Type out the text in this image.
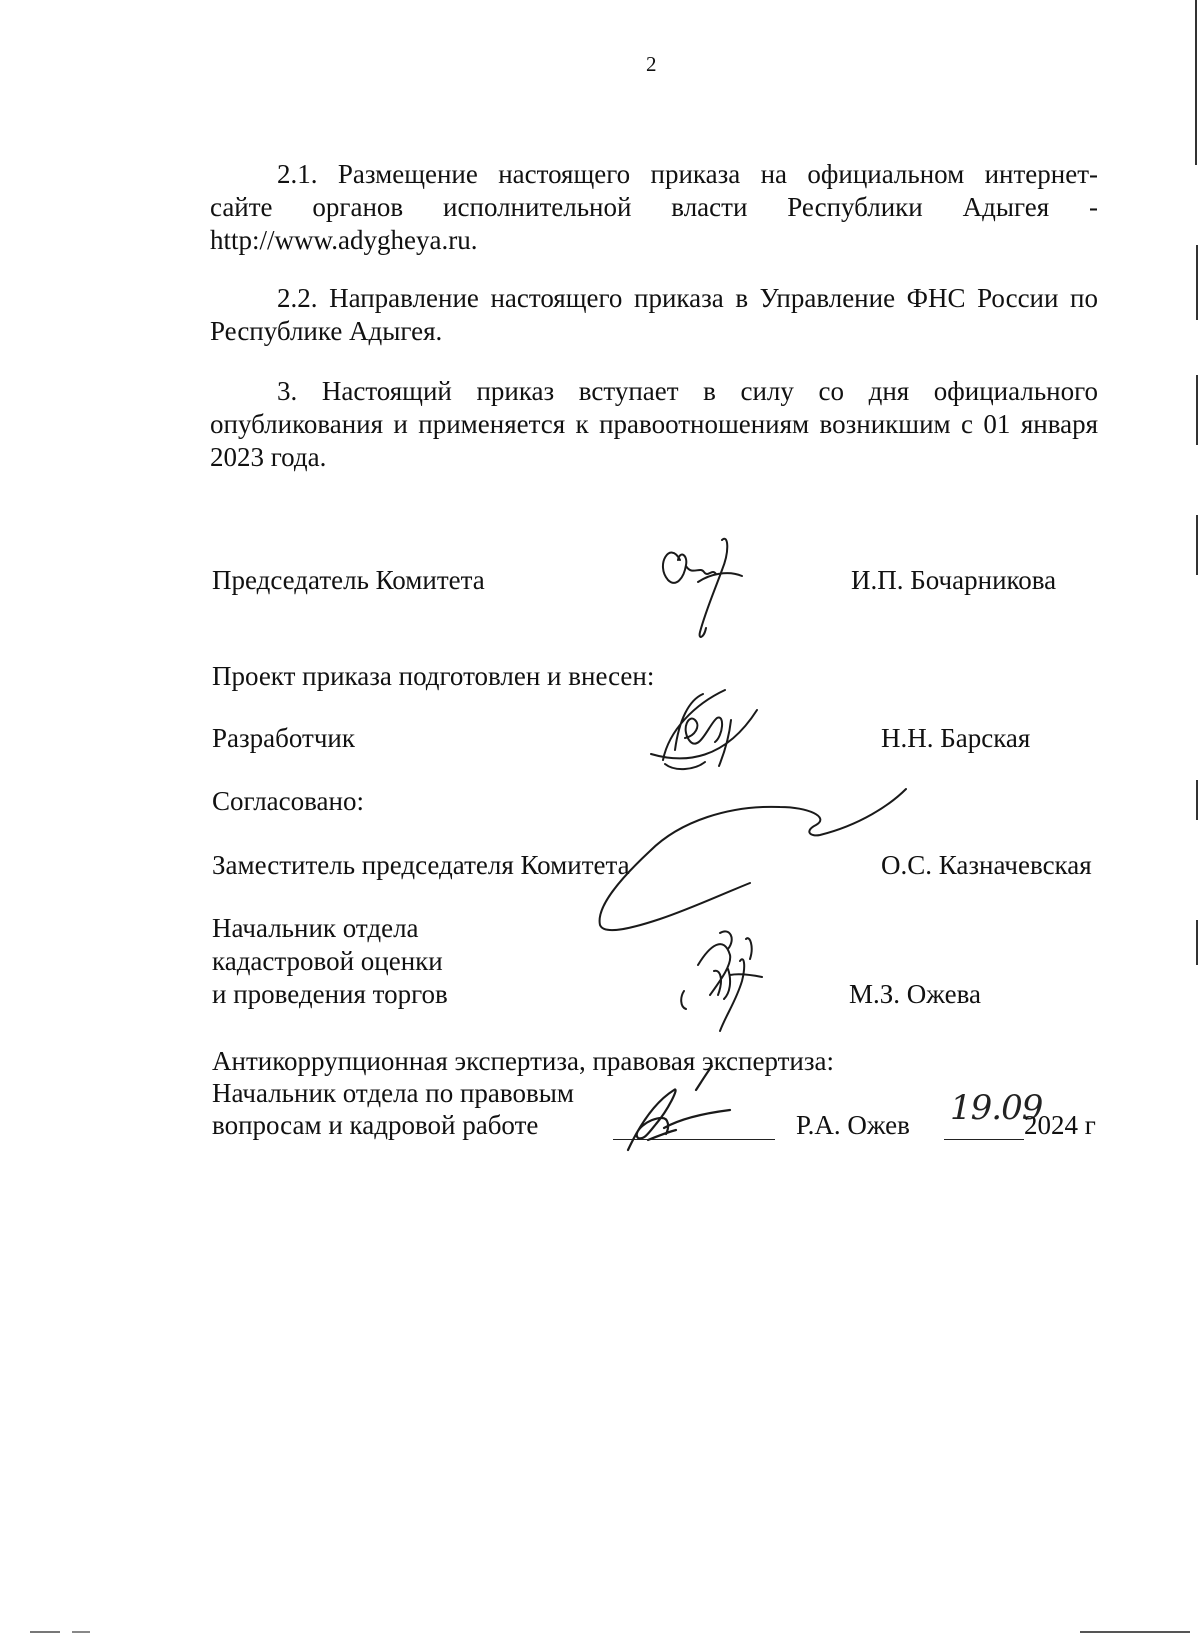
2
2.1. Размещение настоящего приказа на официальном интернет-
сайте органов исполнительной власти Республики Адыгея -
http://www.adygheya.ru.
2.2. Направление настоящего приказа в Управление ФНС России по
Республике Адыгея.
3. Настоящий приказ вступает в силу со дня официального
опубликования и применяется к правоотношениям возникшим с 01 января
2023 года.
Председатель Комитета	И.П. Бочарникова
Проект приказа подготовлен и внесен:
Разработчик	Н.Н. Барская
Согласовано:
Заместитель председателя Комитета	О.С. Казначевская
Начальник отдела
кадастровой оценки
и проведения торгов	М.З. Ожева
Антикоррупционная экспертиза, правовая экспертиза:
Начальник отдела по правовым
вопросам и кадровой работе	Р.А. Ожев 19.09
2024 г
